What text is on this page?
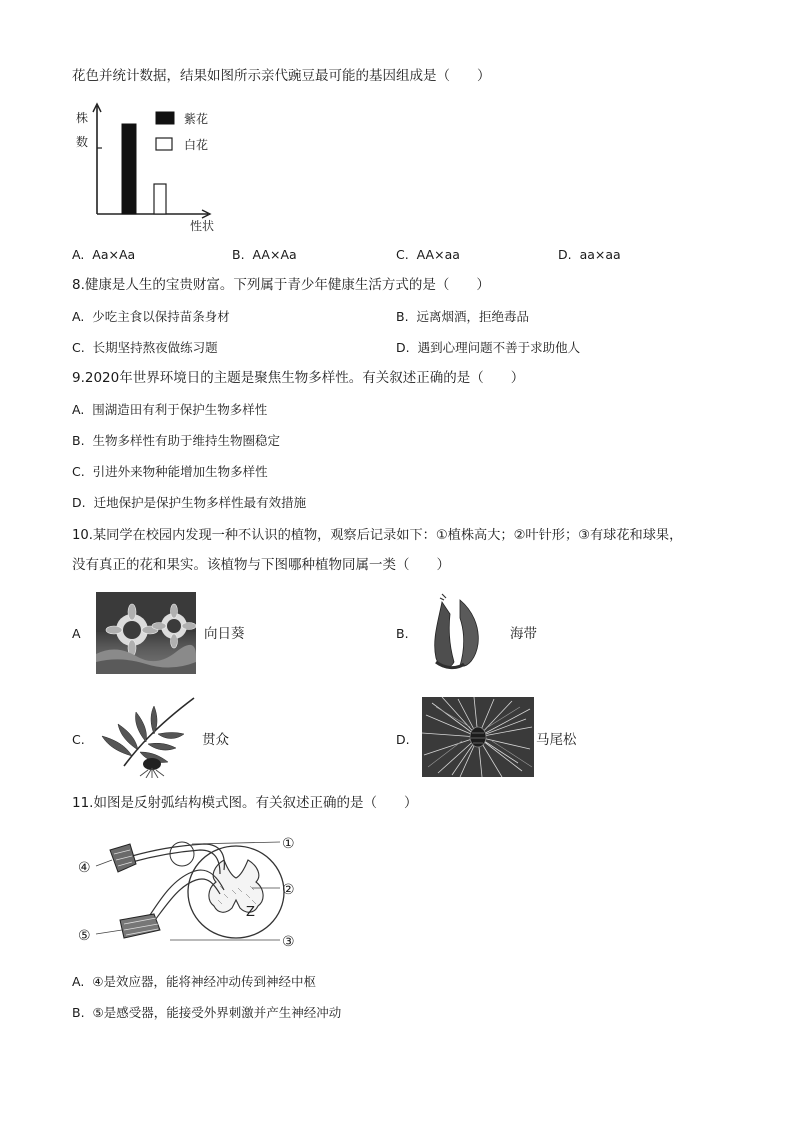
花色并统计数据，结果如图所示亲代豌豆最可能的基因组成是（　　）
株
数
紫花
白花
性状
A. Aa×Aa	B. AA×Aa	C. AA×aa	D. aa×aa
8.健康是人生的宝贵财富。下列属于青少年健康生活方式的是（　　）
A. 少吃主食以保持苗条身材	B. 远离烟酒，拒绝毒品
C. 长期坚持熬夜做练习题	D. 遇到心理问题不善于求助他人
9.2020年世界环境日的主题是聚焦生物多样性。有关叙述正确的是（　　）
A. 围湖造田有利于保护生物多样性
B. 生物多样性有助于维持生物圈稳定
C. 引进外来物种能增加生物多样性
D. 迁地保护是保护生物多样性最有效措施
10.某同学在校园内发现一种不认识的植物，观察后记录如下：①植株高大；②叶针形；③有球花和球果，
没有真正的花和果实。该植物与下图哪种植物同属一类（　　）
A	向日葵	B.	海带
C.	贯众	D.	马尾松
11.如图是反射弧结构模式图。有关叙述正确的是（　　）
Z
①
②
③
④
⑤
A. ④是效应器，能将神经冲动传到神经中枢
B. ⑤是感受器，能接受外界刺激并产生神经冲动
